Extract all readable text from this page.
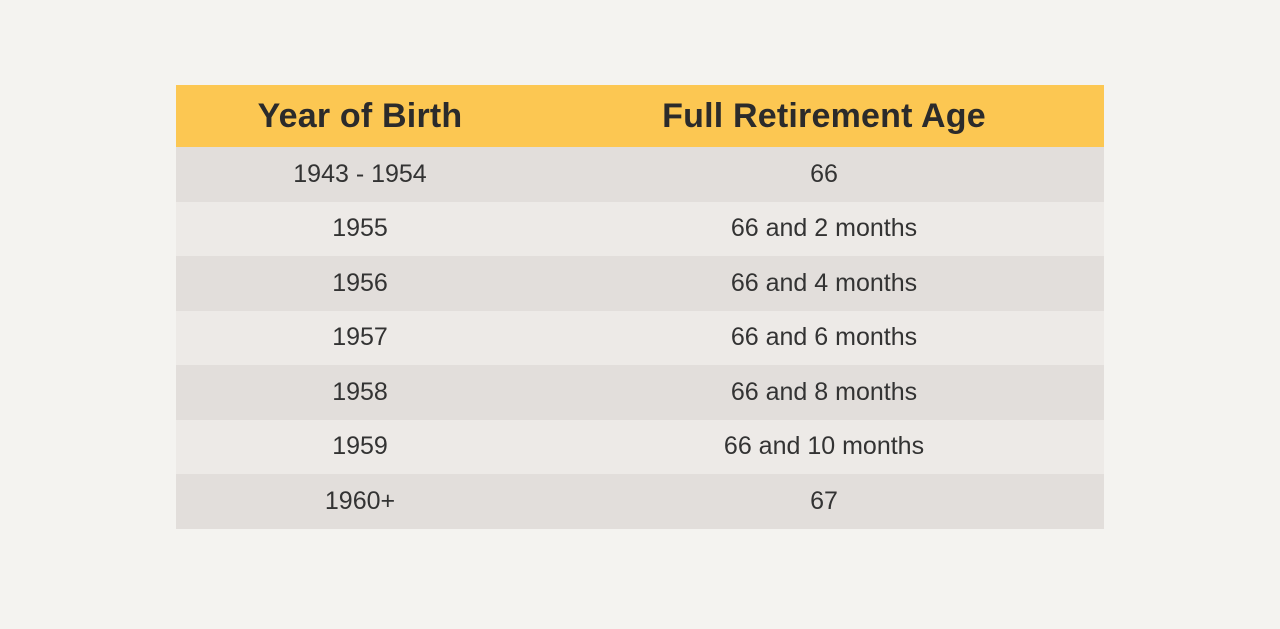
Year of Birth	Full Retirement Age
1943 - 1954	66
1955	66 and 2 months
1956	66 and 4 months
1957	66 and 6 months
1958	66 and 8 months
1959	66 and 10 months
1960+	67
